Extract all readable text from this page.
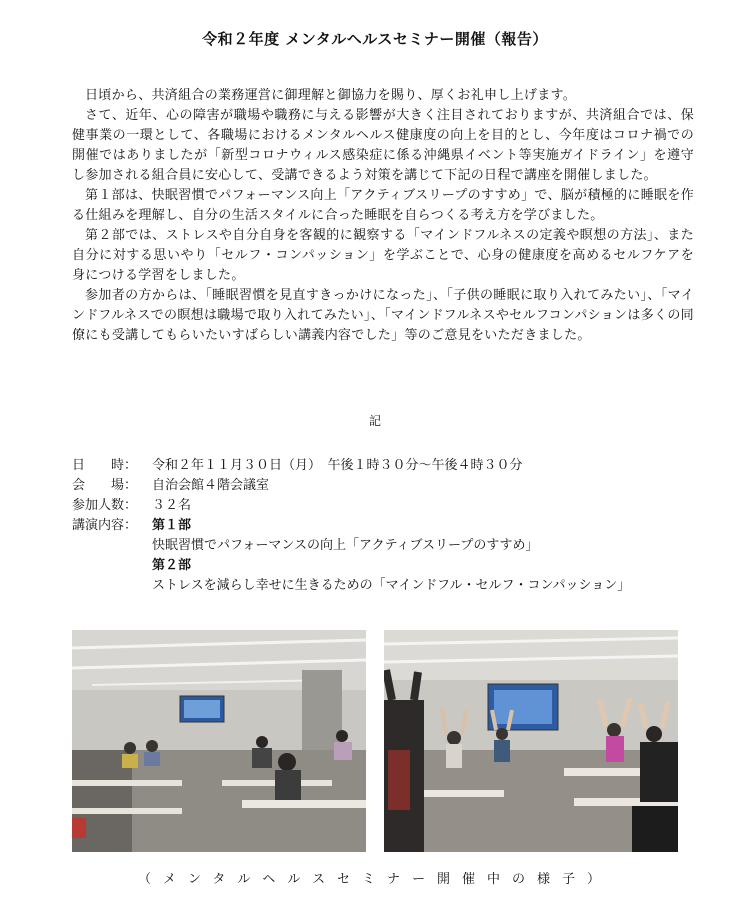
令和２年度 メンタルヘルスセミナー開催（報告）

日頃から、共済組合の業務運営に御理解と御協力を賜り、厚くお礼申し上げます。

さて、近年、心の障害が職場や職務に与える影響が大きく注目されておりますが、共済組合では、保健事業の一環として、各職場におけるメンタルヘルス健康度の向上を目的とし、今年度はコロナ禍での開催ではありましたが「新型コロナウィルス感染症に係る沖縄県イベント等実施ガイドライン」を遵守し参加される組合員に安心して、受講できるよう対策を講じて下記の日程で講座を開催しました。

第１部は、快眠習慣でパフォーマンス向上「アクティブスリープのすすめ」で、脳が積極的に睡眠を作る仕組みを理解し、自分の生活スタイルに合った睡眠を自らつくる考え方を学びました。

第２部では、ストレスや自分自身を客観的に観察する「マインドフルネスの定義や瞑想の方法」、また自分に対する思いやり「セルフ・コンパッション」を学ぶことで、心身の健康度を高めるセルフケアを身につける学習をしました。

参加者の方からは、「睡眠習慣を見直すきっかけになった」、「子供の睡眠に取り入れてみたい」、「マインドフルネスでの瞑想は職場で取り入れてみたい」、「マインドフルネスやセルフコンパションは多くの同僚にも受講してもらいたいすばらしい講義内容でした」等のご意見をいただきました。

記
日　　時：	令和２年１１月３０日（月）　午後１時３０分～午後４時３０分
会　　場：	自治会館４階会議室
参加人数：	３２名
講演内容：	第１部
快眠習慣でパフォーマンスの向上「アクティブスリープのすすめ」
第２部
ストレスを減らし幸せに生きるための「マインドフル・セルフ・コンパッション」
（メンタルヘルスセミナー開催中の様子）
